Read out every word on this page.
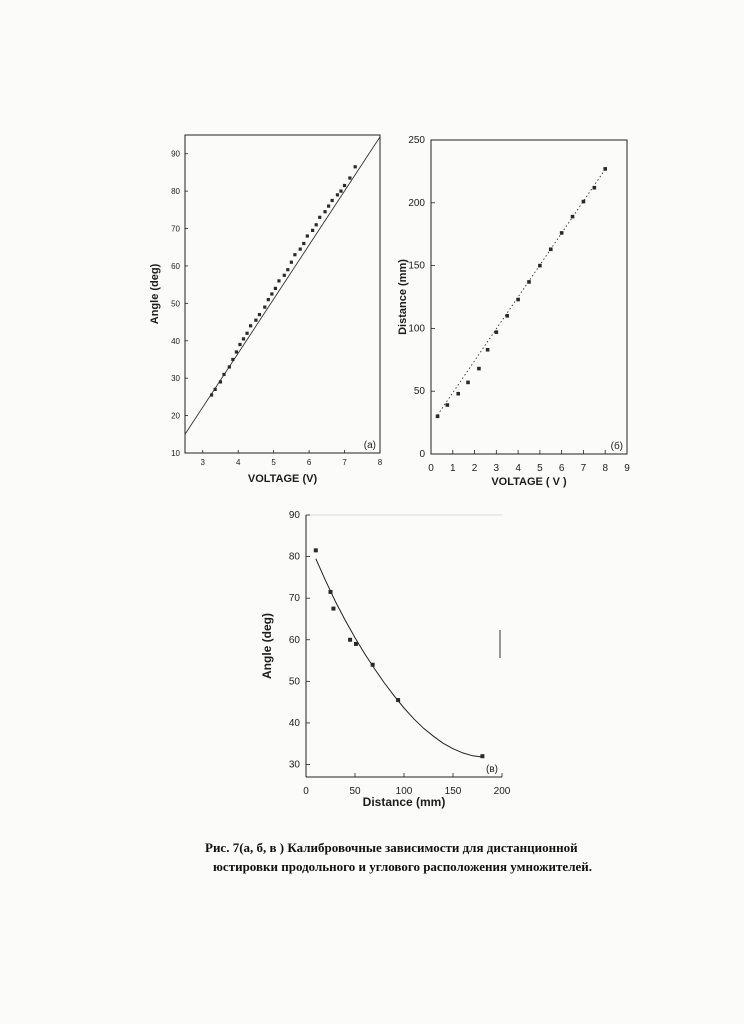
3	4	5	6	7	8
10
20
30
40
50
60
70
80
90
VOLTAGE (V)
Angle (deg)
(a)
0 1 2 3 4 5 6 7 8 9
0
50
100
150
200
250
VOLTAGE ( V )
Distance (mm)
(б)
0	50	100	150	200
30
40
50
60
70
80
90
Distance (mm)
Angle (deg)
(в)
Рис. 7(а, б, в ) Калибровочные зависимости для дистанционной
юстировки продольного и углового расположения умножителей.
